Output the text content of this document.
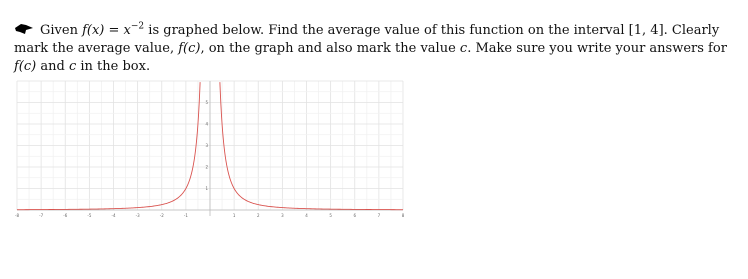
Given $f(x) = x^{-2}$ is graphed below. Find the average value of this function on the interval [1, 4]. Clearly mark the average value, f(c), on the graph and also mark the value c. Make sure you write your answers for f(c) and c in the box.

-8	-7	-6	-5	-4	-3	-2	-1	1	2	3	4	5	6	7	8
1
2
3
4
5
